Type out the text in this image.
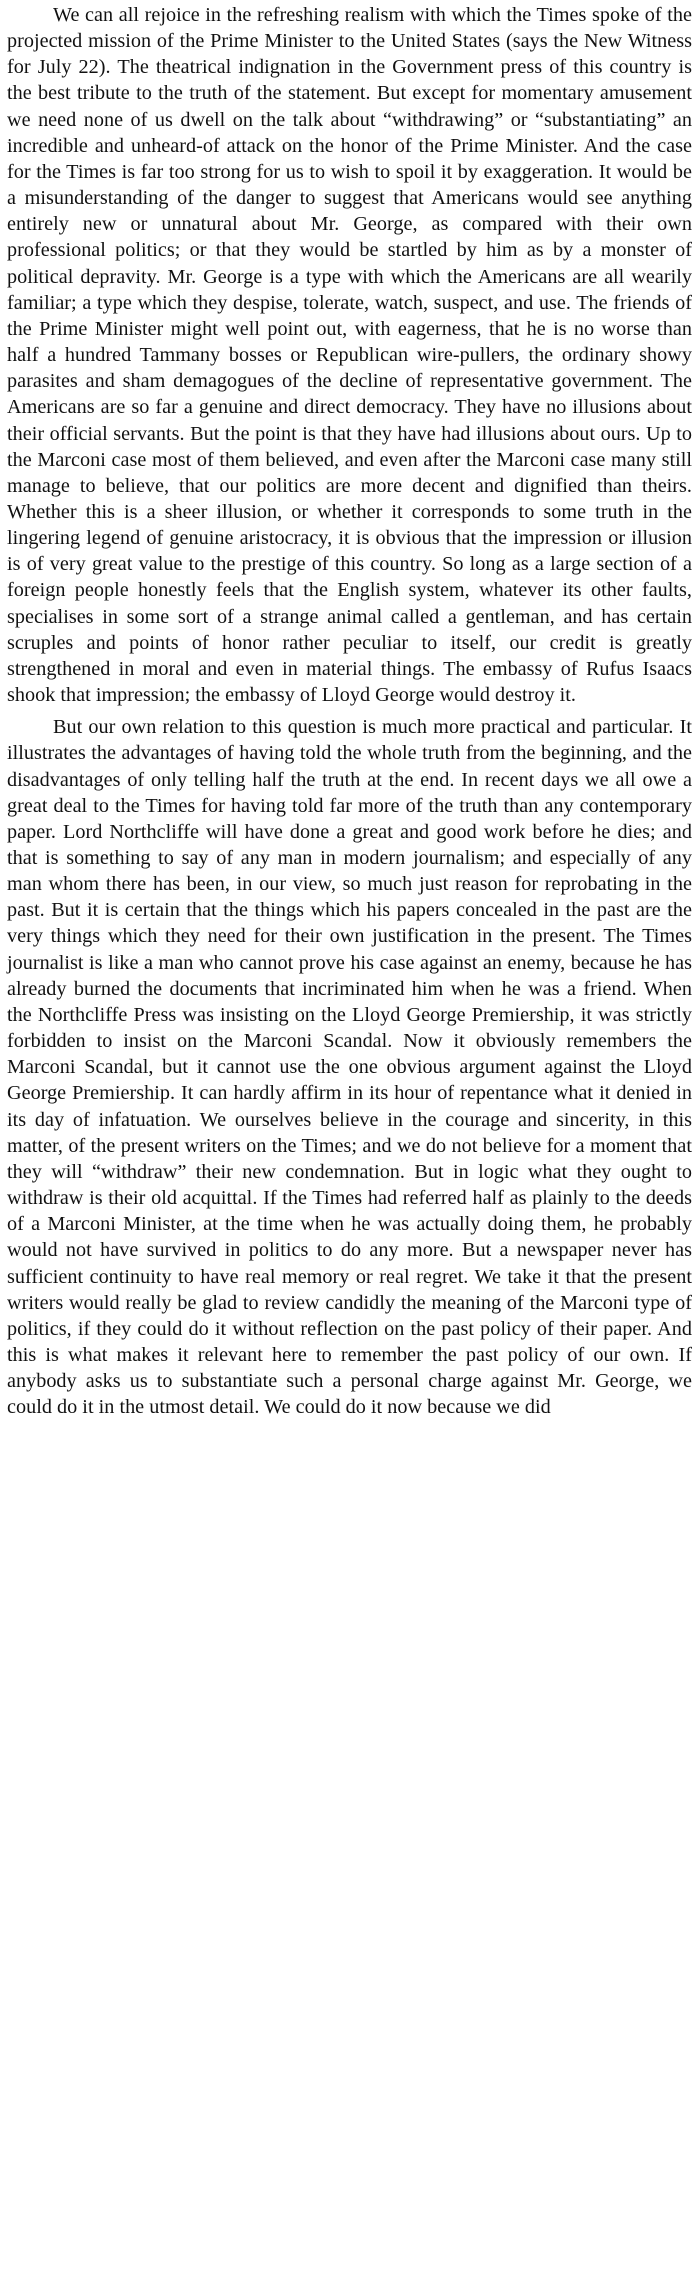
We can all rejoice in the refreshing realism with which the Times spoke of the projected mission of the Prime Minister to the United States (says the New Witness for July 22). The theatrical indignation in the Government press of this country is the best tribute to the truth of the statement. But except for momentary amusement we need none of us dwell on the talk about “withdrawing” or “substantiating” an incredible and unheard-of attack on the honor of the Prime Minister. And the case for the Times is far too strong for us to wish to spoil it by exaggeration. It would be a misunderstanding of the danger to suggest that Americans would see anything entirely new or unnatural about Mr. George, as compared with their own professional politics; or that they would be startled by him as by a monster of political depravity. Mr. George is a type with which the Americans are all wearily familiar; a type which they despise, tolerate, watch, suspect, and use. The friends of the Prime Minister might well point out, with eagerness, that he is no worse than half a hundred Tammany bosses or Republican wire-pullers, the ordinary showy parasites and sham demagogues of the decline of representative government. The Americans are so far a genuine and direct democracy. They have no illusions about their official servants. But the point is that they have had illusions about ours. Up to the Marconi case most of them believed, and even after the Marconi case many still manage to believe, that our politics are more decent and dignified than theirs. Whether this is a sheer illusion, or whether it corresponds to some truth in the lingering legend of genuine aristocracy, it is obvious that the impression or illusion is of very great value to the prestige of this country. So long as a large section of a foreign people honestly feels that the English system, whatever its other faults, specialises in some sort of a strange animal called a gentleman, and has certain scruples and points of honor rather peculiar to itself, our credit is greatly strengthened in moral and even in material things. The embassy of Rufus Isaacs shook that impression; the embassy of Lloyd George would destroy it.

But our own relation to this question is much more practical and particular. It illustrates the advantages of having told the whole truth from the beginning, and the disadvantages of only telling half the truth at the end. In recent days we all owe a great deal to the Times for having told far more of the truth than any contemporary paper. Lord Northcliffe will have done a great and good work before he dies; and that is something to say of any man in modern journalism; and especially of any man whom there has been, in our view, so much just reason for reprobating in the past. But it is certain that the things which his papers concealed in the past are the very things which they need for their own justification in the present. The Times journalist is like a man who cannot prove his case against an enemy, because he has already burned the documents that incriminated him when he was a friend. When the Northcliffe Press was insisting on the Lloyd George Premiership, it was strictly forbidden to insist on the Marconi Scandal. Now it obviously remembers the Marconi Scandal, but it cannot use the one obvious argument against the Lloyd George Premiership. It can hardly affirm in its hour of repentance what it denied in its day of infatuation. We ourselves believe in the courage and sincerity, in this matter, of the present writers on the Times; and we do not believe for a moment that they will “withdraw” their new condemnation. But in logic what they ought to withdraw is their old acquittal. If the Times had referred half as plainly to the deeds of a Marconi Minister, at the time when he was actually doing them, he probably would not have survived in politics to do any more. But a newspaper never has sufficient continuity to have real memory or real regret. We take it that the present writers would really be glad to review candidly the meaning of the Marconi type of politics, if they could do it without reflection on the past policy of their paper. And this is what makes it relevant here to remember the past policy of our own. If anybody asks us to substantiate such a personal charge against Mr. George, we could do it in the utmost detail. We could do it now because we did
